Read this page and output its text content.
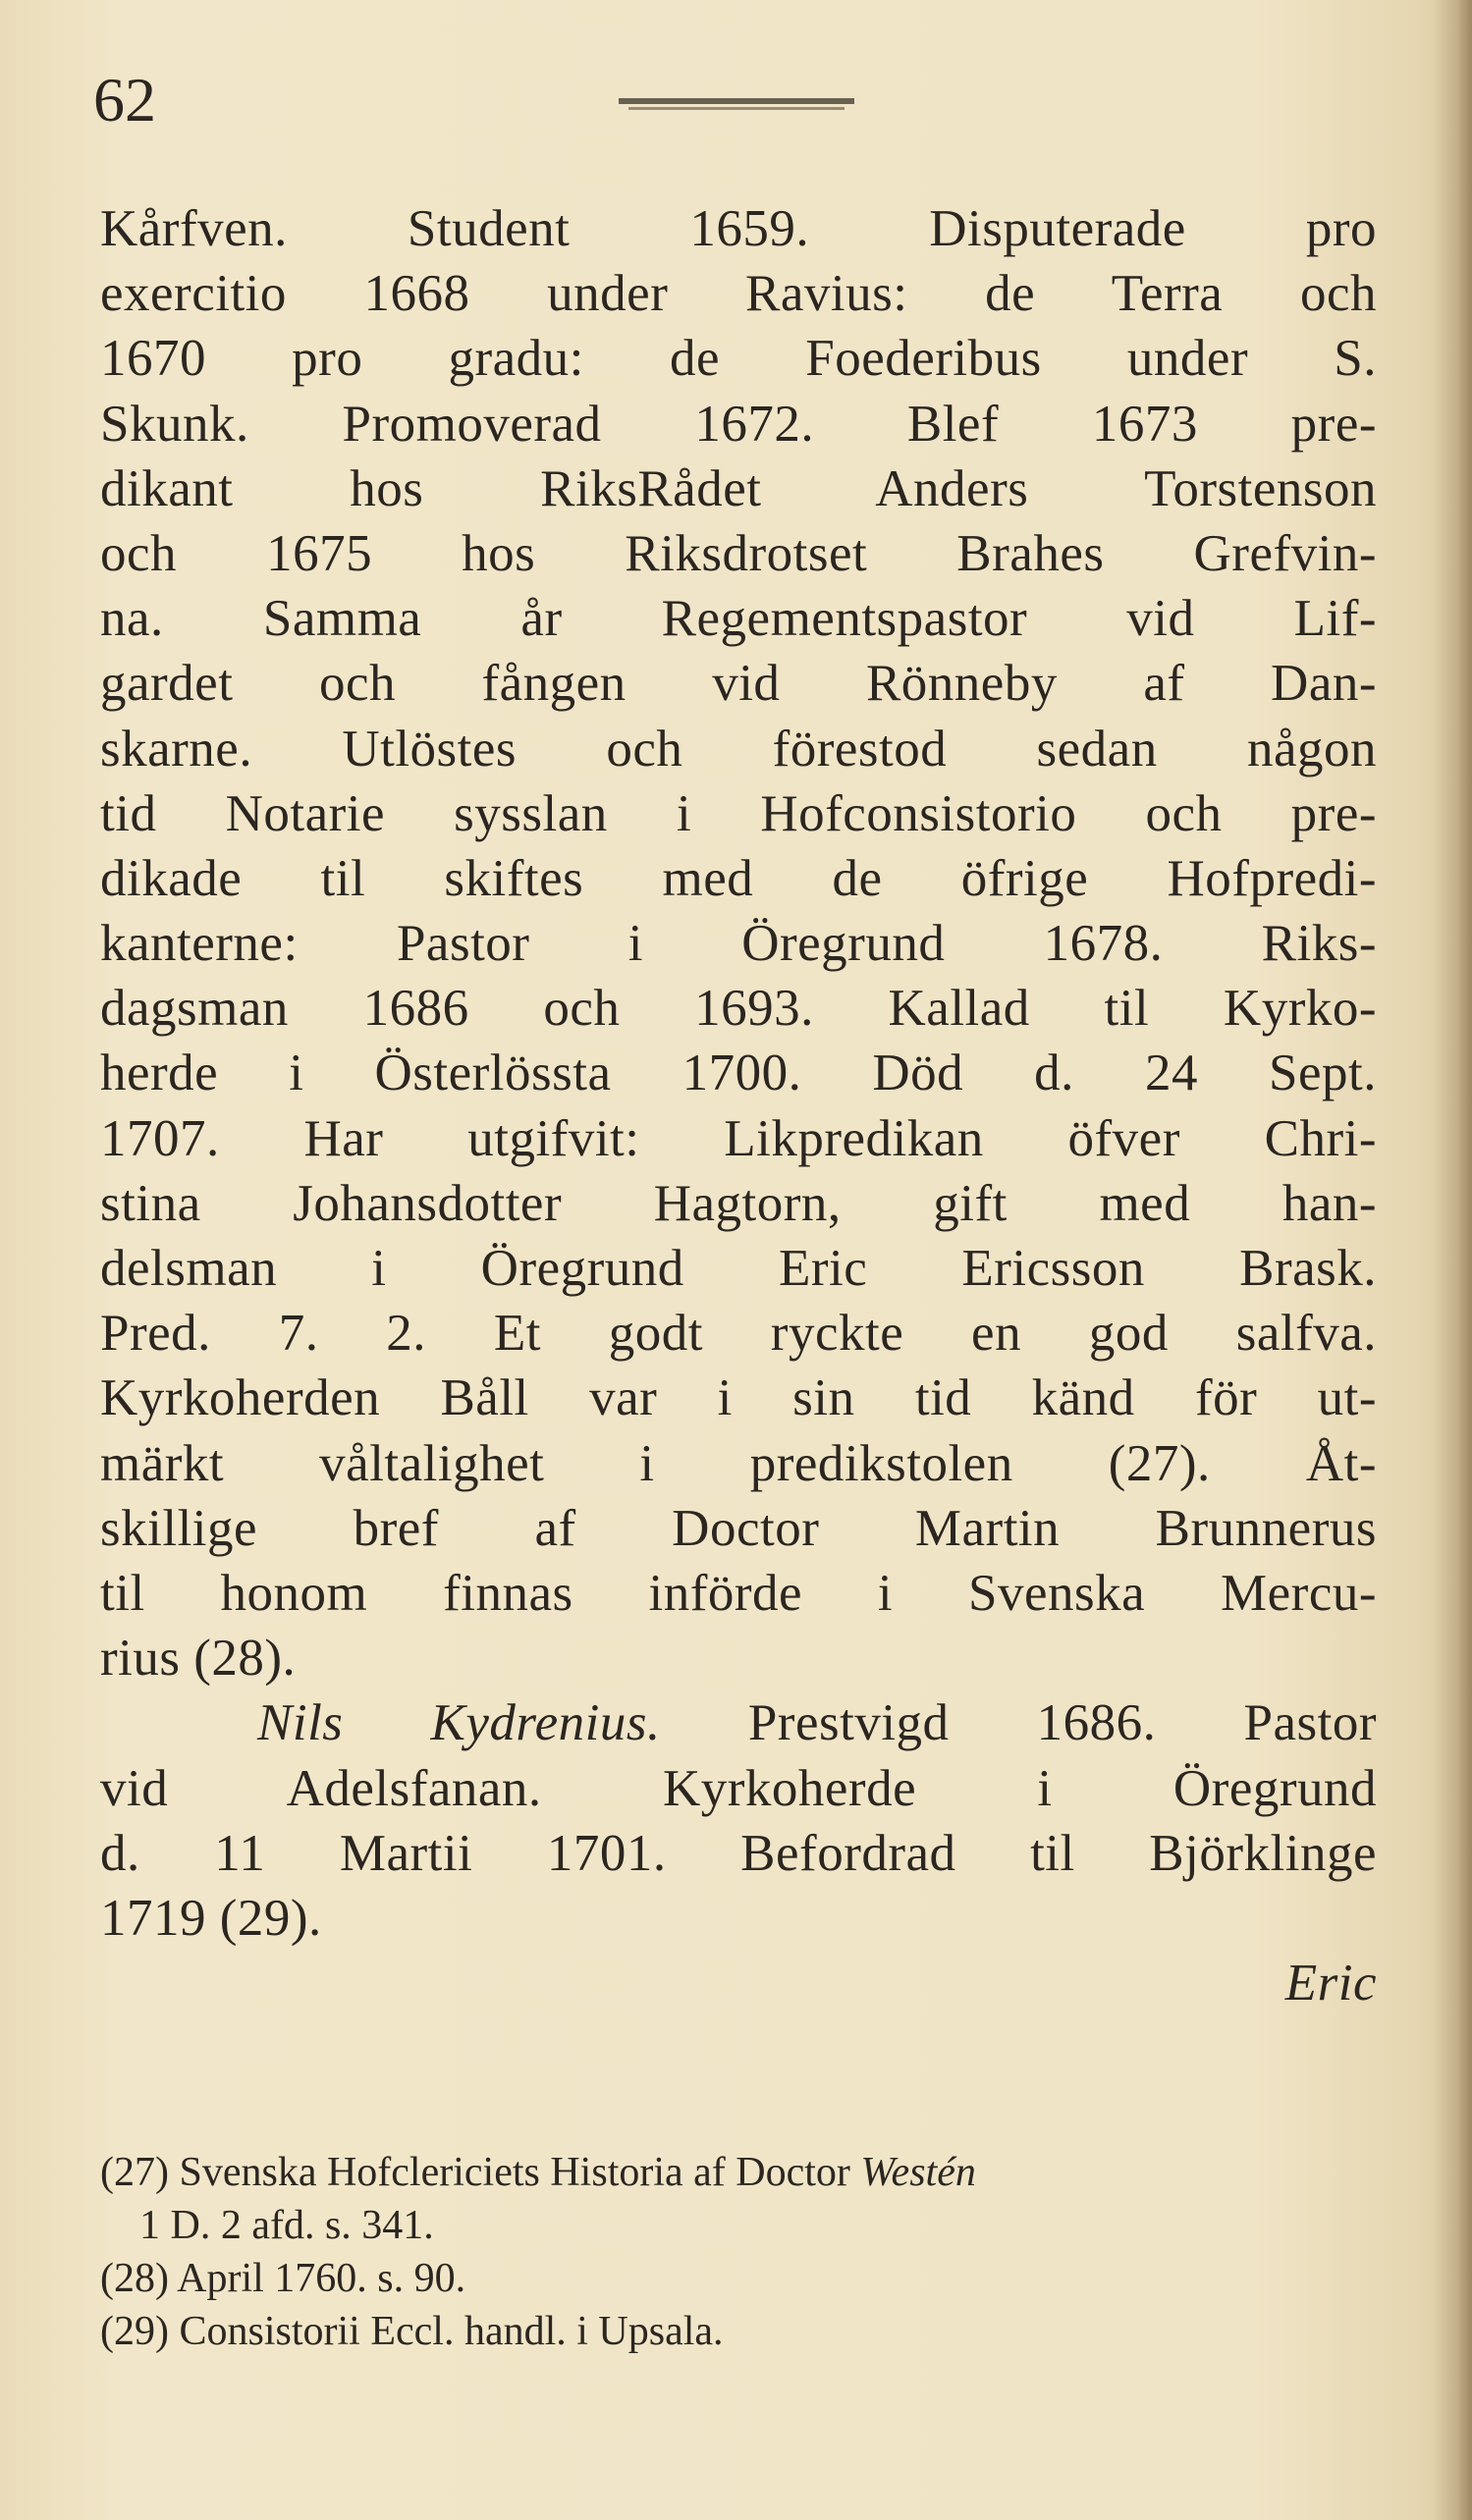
62

Kårfven. Student 1659. Disputerade pro

exercitio 1668 under Ravius: de Terra och

1670 pro gradu: de Foederibus under S.

Skunk. Promoverad 1672. Blef 1673 pre-

dikant hos RiksRådet Anders Torstenson

och 1675 hos Riksdrotset Brahes Grefvin-

na. Samma år Regementspastor vid Lif-

gardet och fången vid Rönneby af Dan-

skarne. Utlöstes och förestod sedan någon

tid Notarie sysslan i Hofconsistorio och pre-

dikade til skiftes med de öfrige Hofpredi-

kanterne: Pastor i Öregrund 1678. Riks-

dagsman 1686 och 1693. Kallad til Kyrko-

herde i Österlössta 1700. Död d. 24 Sept.

1707. Har utgifvit: Likpredikan öfver Chri-

stina Johansdotter Hagtorn, gift med han-

delsman i Öregrund Eric Ericsson Brask.

Pred. 7. 2. Et godt ryckte en god salfva.

Kyrkoherden Båll var i sin tid känd för ut-

märkt våltalighet i predikstolen (27). Åt-

skillige bref af Doctor Martin Brunnerus

til honom finnas införde i Svenska Mercu-

rius (28).

Nils Kydrenius. Prestvigd 1686. Pastor

vid Adelsfanan. Kyrkoherde i Öregrund

d. 11 Martii 1701. Befordrad til Björklinge

1719 (29).

Eric

(27) Svenska Hofclericiets Historia af Doctor Westén

1 D. 2 afd. s. 341.

(28) April 1760. s. 90.

(29) Consistorii Eccl. handl. i Upsala.
